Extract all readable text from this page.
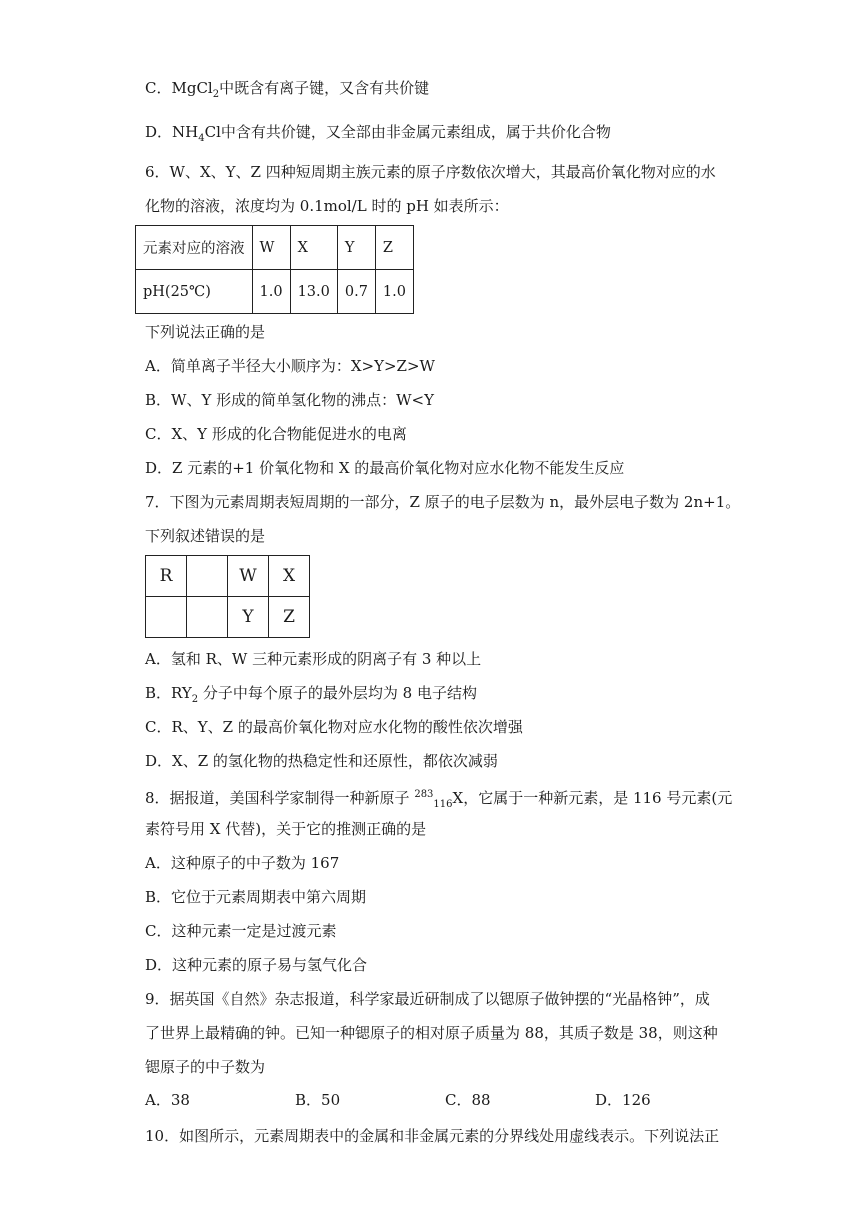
C．MgCl$_2$中既含有离子键，又含有共价键
D．$NH_4Cl$中含有共价键，又全部由非金属元素组成，属于共价化合物
6．W、X、Y、Z 四种短周期主族元素的原子序数依次增大，其最高价氧化物对应的水
化物的溶液，浓度均为 0.1mol/L 时的 pH 如表所示：
元素对应的溶液	W	X	Y	Z
pH(25℃)	1.0	13.0	0.7	1.0
下列说法正确的是
A．简单离子半径大小顺序为：X>Y>Z>W
B．W、Y 形成的简单氢化物的沸点：W<Y
C．X、Y 形成的化合物能促进水的电离
D．Z 元素的+1 价氧化物和 X 的最高价氧化物对应水化物不能发生反应
7．下图为元素周期表短周期的一部分，Z 原子的电子层数为 n，最外层电子数为 2n+1。
下列叙述错误的是
R		W	X
		Y	Z
A．氢和 R、W 三种元素形成的阴离子有 3 种以上
B．$RY_2$ 分子中每个原子的最外层均为 8 电子结构
C．R、Y、Z 的最高价氧化物对应水化物的酸性依次增强
D．X、Z 的氢化物的热稳定性和还原性，都依次减弱
8．据报道，美国科学家制得一种新原子 $^{283}_{116}$X，它属于一种新元素，是 116 号元素(元
素符号用 X 代替)，关于它的推测正确的是
A．这种原子的中子数为 167
B．它位于元素周期表中第六周期
C．这种元素一定是过渡元素
D．这种元素的原子易与氢气化合
9．据英国《自然》杂志报道，科学家最近研制成了以锶原子做钟摆的“光晶格钟”，成
了世界上最精确的钟。已知一种锶原子的相对原子质量为 88，其质子数是 38，则这种
锶原子的中子数为
A．38	B．50	C．88	D．126
10．如图所示，元素周期表中的金属和非金属元素的分界线处用虚线表示。下列说法正
